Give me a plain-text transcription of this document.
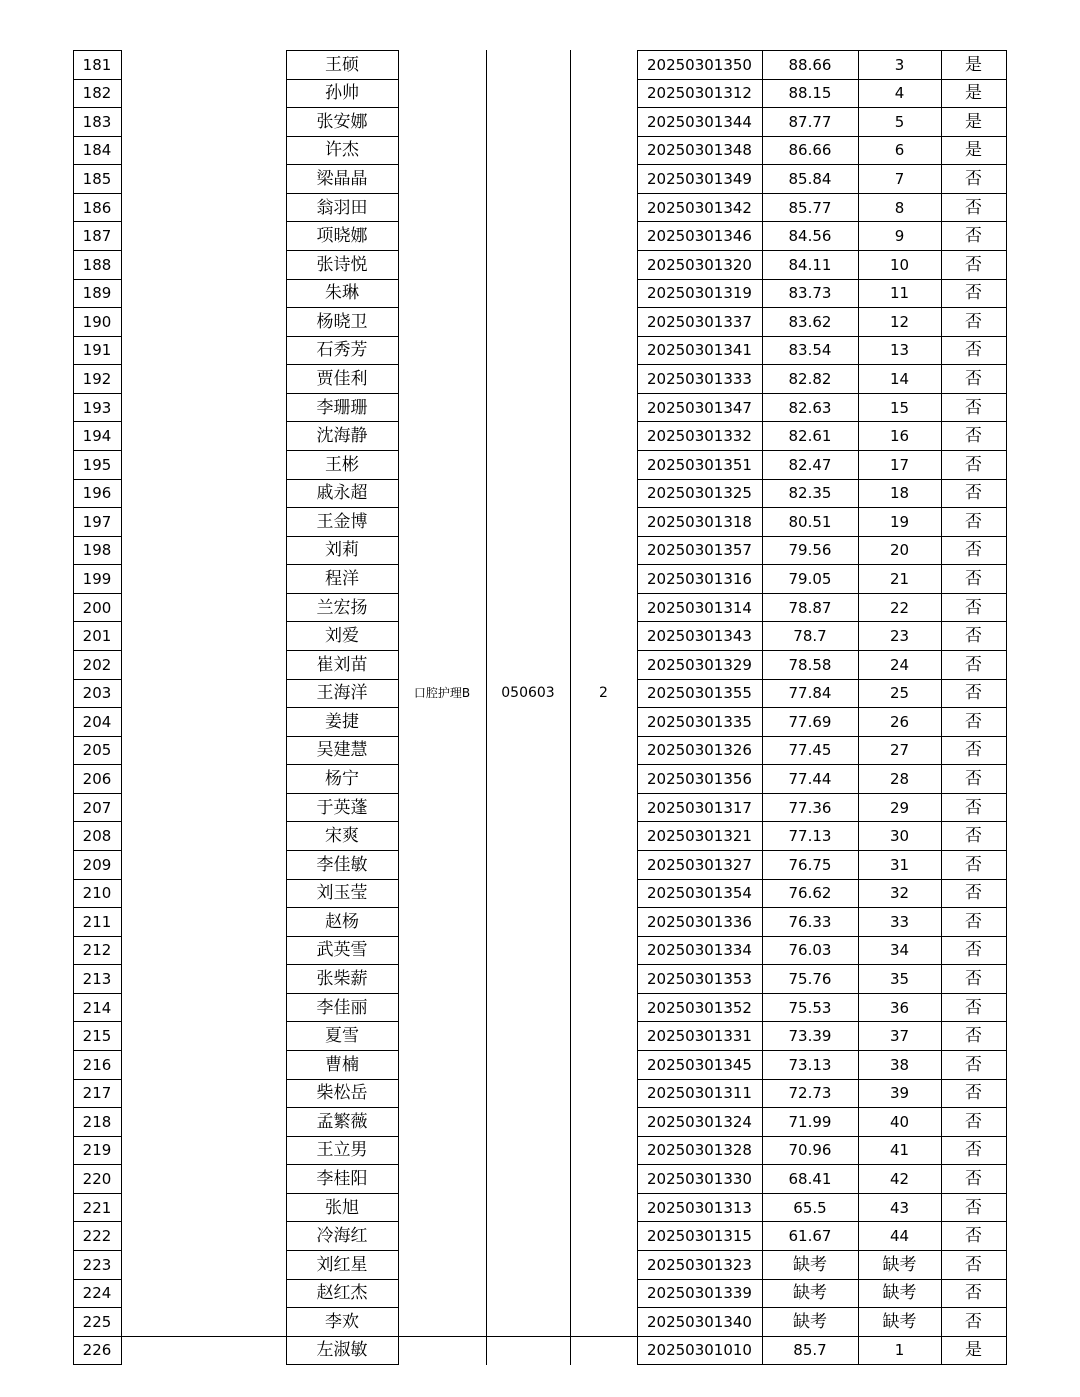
口腔护理B	050603	2
181	王硕	20250301350	88.66	3	是
182	孙帅	20250301312	88.15	4	是
183	张安娜	20250301344	87.77	5	是
184	许杰	20250301348	86.66	6	是
185	梁晶晶	20250301349	85.84	7	否
186	翁羽田	20250301342	85.77	8	否
187	项晓娜	20250301346	84.56	9	否
188	张诗悦	20250301320	84.11	10	否
189	朱琳	20250301319	83.73	11	否
190	杨晓卫	20250301337	83.62	12	否
191	石秀芳	20250301341	83.54	13	否
192	贾佳利	20250301333	82.82	14	否
193	李珊珊	20250301347	82.63	15	否
194	沈海静	20250301332	82.61	16	否
195	王彬	20250301351	82.47	17	否
196	戚永超	20250301325	82.35	18	否
197	王金博	20250301318	80.51	19	否
198	刘莉	20250301357	79.56	20	否
199	程洋	20250301316	79.05	21	否
200	兰宏扬	20250301314	78.87	22	否
201	刘爱	20250301343	78.7	23	否
202	崔刘苗	20250301329	78.58	24	否
203	王海洋	20250301355	77.84	25	否
204	姜捷	20250301335	77.69	26	否
205	吴建慧	20250301326	77.45	27	否
206	杨宁	20250301356	77.44	28	否
207	于英蓬	20250301317	77.36	29	否
208	宋爽	20250301321	77.13	30	否
209	李佳敏	20250301327	76.75	31	否
210	刘玉莹	20250301354	76.62	32	否
211	赵杨	20250301336	76.33	33	否
212	武英雪	20250301334	76.03	34	否
213	张柴薪	20250301353	75.76	35	否
214	李佳丽	20250301352	75.53	36	否
215	夏雪	20250301331	73.39	37	否
216	曹楠	20250301345	73.13	38	否
217	柴松岳	20250301311	72.73	39	否
218	孟繁薇	20250301324	71.99	40	否
219	王立男	20250301328	70.96	41	否
220	李桂阳	20250301330	68.41	42	否
221	张旭	20250301313	65.5	43	否
222	冷海红	20250301315	61.67	44	否
223	刘红星	20250301323	缺考	缺考	否
224	赵红杰	20250301339	缺考	缺考	否
225	李欢	20250301340	缺考	缺考	否
226	左淑敏	20250301010	85.7	1	是
